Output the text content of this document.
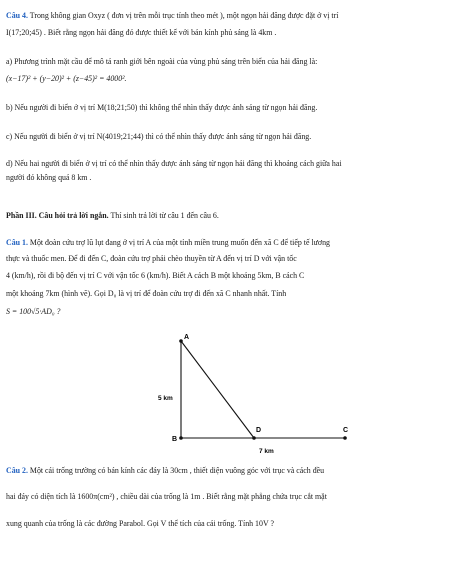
Câu 4. Trong không gian Oxyz ( đơn vị trên mỗi trục tính theo mét ), một ngọn hải đăng được đặt ở vị trí
I(17;20;45) . Biết rằng ngọn hải đăng đó được thiết kế với bán kính phủ sáng là 4km .
a) Phương trình mặt cầu để mô tả ranh giới bên ngoài của vùng phủ sáng trên biển của hải đăng là:
(x−17)² + (y−20)² + (z−45)² = 4000².
b) Nếu người đi biển ở vị trí M(18;21;50) thì không thể nhìn thấy được ánh sáng từ ngọn hải đăng.
c) Nếu người đi biển ở vị trí N(4019;21;44) thì có thể nhìn thấy được ánh sáng từ ngọn hải đăng.
d) Nếu hai người đi biển ở vị trí có thể nhìn thấy được ánh sáng từ ngọn hải đăng thì khoảng cách giữa hai
người đó không quá 8 km .
Phần III. Câu hỏi trả lời ngắn. Thí sinh trả lời từ câu 1 đến câu 6.
Câu 1. Một đoàn cứu trợ lũ lụt đang ở vị trí A của một tỉnh miền trung muốn đến xã C để tiếp tế lương
thực và thuốc men. Để đi đến C, đoàn cứu trợ phải chèo thuyền từ A đến vị trí D với vận tốc
4 (km/h), rồi đi bộ đến vị trí C với vận tốc 6 (km/h). Biết A cách B một khoảng 5km, B cách C
một khoảng 7km (hình vẽ). Gọi D₀ là vị trí để đoàn cứu trợ đi đến xã C nhanh nhất. Tính
S = 100√5·AD₀ ?
A
B
D	C
5 km
7 km
Câu 2. Một cái trống trường có bán kính các đáy là 30cm , thiết diện vuông góc với trục và cách đều
hai đáy có diện tích là 1600π(cm²) , chiều dài của trống là 1m . Biết rằng mặt phẳng chứa trục cắt mặt
xung quanh của trống là các đường Parabol. Gọi V thể tích của cái trống. Tính 10V ?
